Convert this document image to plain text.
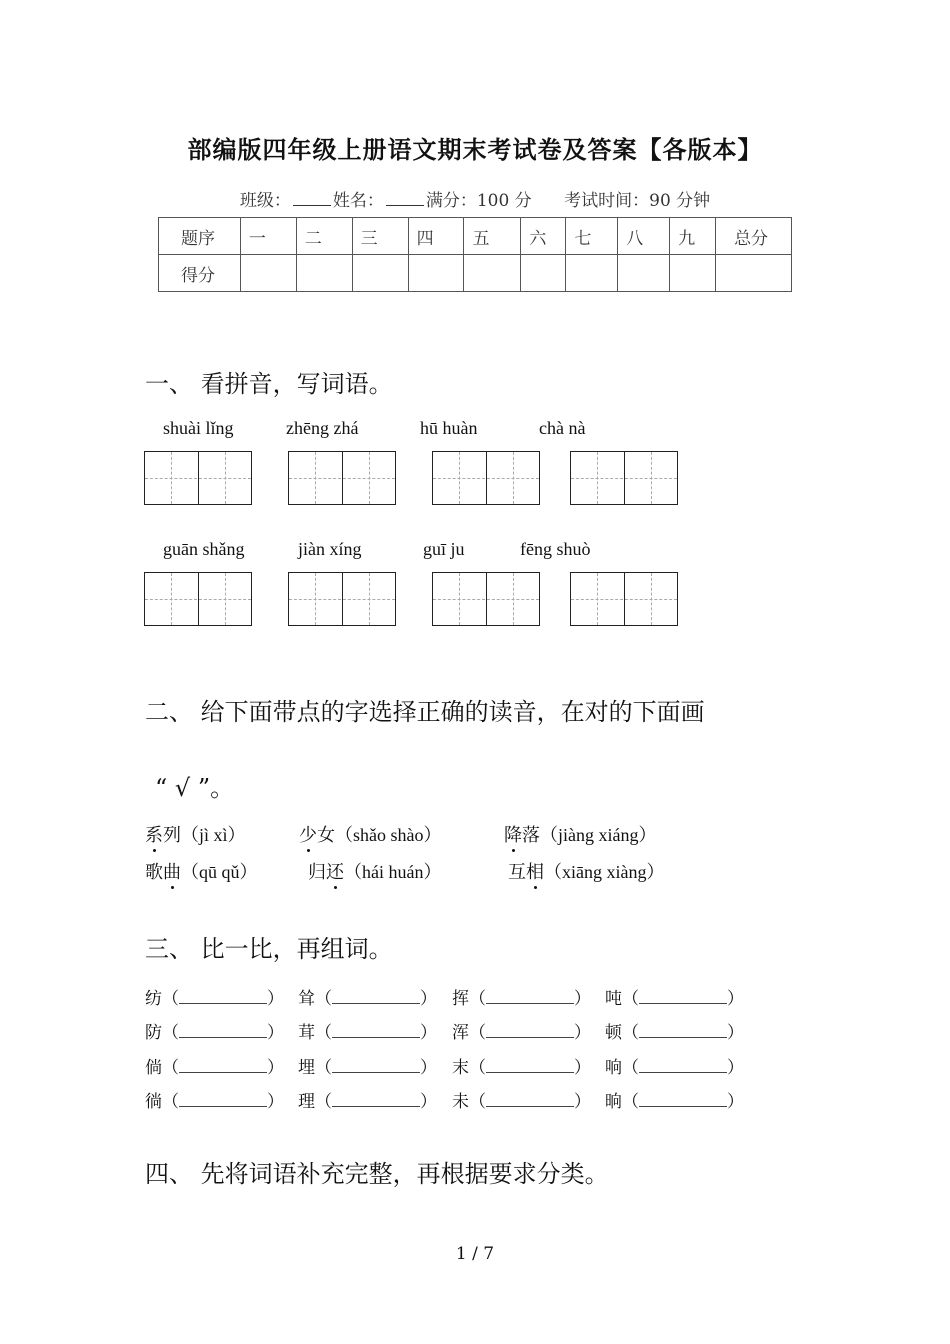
部编版四年级上册语文期末考试卷及答案【各版本】
班级： 姓名： 满分：100 分 考试时间：90 分钟
题序	一	二	三	四	五	六	七	八	九	总分
得分										
一、 看拼音，写词语。
shuài lǐng	zhēng zhá	hū huàn	chà nà
guān shǎng	jiàn xíng	guī ju	fēng shuò
二、 给下面带点的字选择正确的读音，在对的下面画
“ √ ”。
系列（jì xì）	少女（shǎo shào）	降落（jiàng xiáng）
歌曲（qū qǔ）	归还（hái huán）	互相（xiāng xiàng）
三、 比一比，再组词。
纺（	） 耸（	） 挥（	） 吨（	）
防（	） 茸（	） 浑（	） 顿（	）
倘（	） 埋（	） 末（	） 响（	）
徜（	） 理（	） 未（	） 晌（	）
四、 先将词语补充完整，再根据要求分类。
1 / 7
